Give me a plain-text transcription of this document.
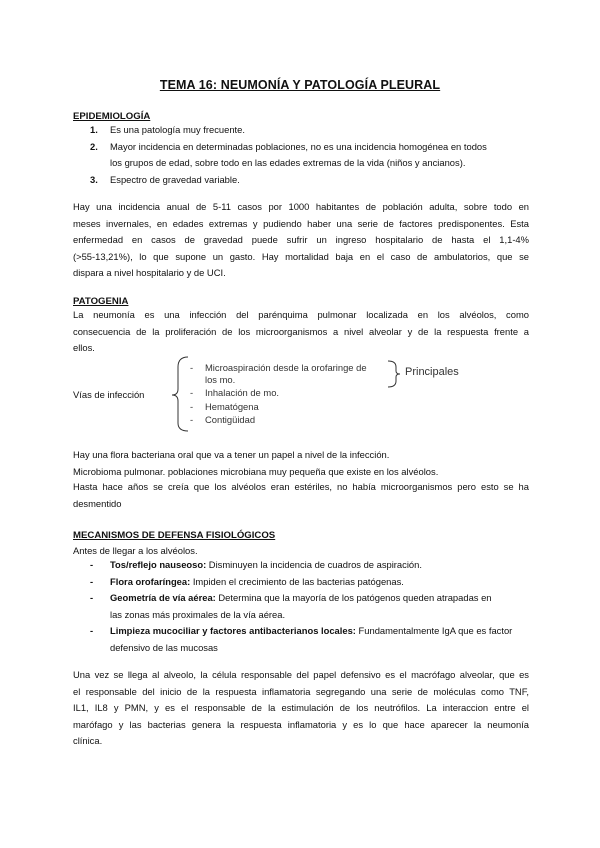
TEMA 16: NEUMONÍA Y PATOLOGÍA PLEURAL
EPIDEMIOLOGÍA
1. Es una patología muy frecuente.
2. Mayor incidencia en determinadas poblaciones, no es una incidencia homogénea en todos
los grupos de edad, sobre todo en las edades extremas de la vida (niños y ancianos).
3. Espectro de gravedad variable.
Hay una incidencia anual de 5-11 casos por 1000 habitantes de población adulta, sobre todo en
meses invernales, en edades extremas y pudiendo haber una serie de factores predisponentes. Esta
enfermedad en casos de gravedad puede sufrir un ingreso hospitalario de hasta el 1,1-4%
(>55-13,21%), lo que supone un gasto. Hay mortalidad baja en el caso de ambulatorios, que se
dispara a nivel hospitalario y de UCI.
PATOGENIA
La neumonía es una infección del parénquima pulmonar localizada en los alvéolos, como
consecuencia de la proliferación de los microorganismos a nivel alveolar y de la respuesta frente a
ellos.
Vías de infección
- Microaspiración desde la orofaringe de
los mo.
- Inhalación de mo.
- Hematógena
- Contigüidad
Principales
Hay una flora bacteriana oral que va a tener un papel a nivel de la infección.
Microbioma pulmonar. poblaciones microbiana muy pequeña que existe en los alvéolos.
Hasta hace años se creía que los alvéolos eran estériles, no había microorganismos pero esto se ha
desmentido
MECANISMOS DE DEFENSA FISIOLÓGICOS
Antes de llegar a los alvéolos.
- Tos/reflejo nauseoso: Disminuyen la incidencia de cuadros de aspiración.
- Flora orofaríngea: Impiden el crecimiento de las bacterias patógenas.
- Geometría de vía aérea: Determina que la mayoría de los patógenos queden atrapadas en
las zonas más proximales de la vía aérea.
- Limpieza mucociliar y factores antibacterianos locales: Fundamentalmente IgA que es factor
defensivo de las mucosas
Una vez se llega al alveolo, la célula responsable del papel defensivo es el macrófago alveolar, que es
el responsable del inicio de la respuesta inflamatoria segregando una serie de moléculas como TNF,
IL1, IL8 y PMN, y es el responsable de la estimulación de los neutrófilos. La interaccion entre el
marófago y las bacterias genera la respuesta inflamatoria y es lo que hace aparecer la neumonía
clínica.
